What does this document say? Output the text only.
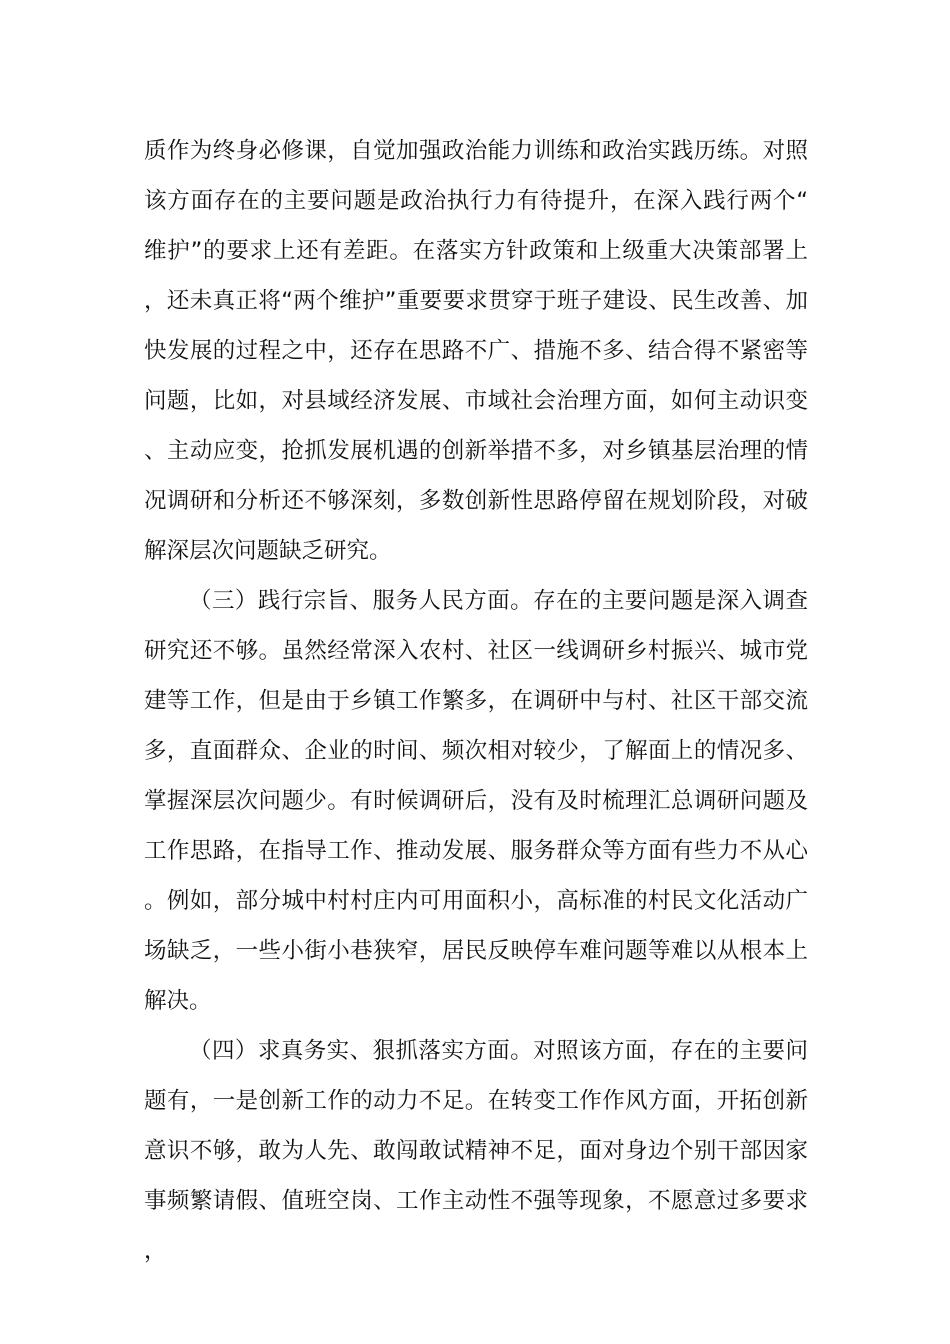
质作为终身必修课，自觉加强政治能力训练和政治实践历练。对照该方面存在的主要问题是政治执行力有待提升，在深入践行两个“维护”的要求上还有差距。在落实方针政策和上级重大决策部署上，还未真正将“两个维护”重要要求贯穿于班子建设、民生改善、加快发展的过程之中，还存在思路不广、措施不多、结合得不紧密等问题，比如，对县域经济发展、市域社会治理方面，如何主动识变、主动应变，抢抓发展机遇的创新举措不多，对乡镇基层治理的情况调研和分析还不够深刻，多数创新性思路停留在规划阶段，对破解深层次问题缺乏研究。

（三）践行宗旨、服务人民方面。存在的主要问题是深入调查研究还不够。虽然经常深入农村、社区一线调研乡村振兴、城市党建等工作，但是由于乡镇工作繁多，在调研中与村、社区干部交流多，直面群众、企业的时间、频次相对较少，了解面上的情况多、掌握深层次问题少。有时候调研后，没有及时梳理汇总调研问题及工作思路，在指导工作、推动发展、服务群众等方面有些力不从心。例如，部分城中村村庄内可用面积小，高标准的村民文化活动广场缺乏，一些小街小巷狭窄，居民反映停车难问题等难以从根本上解决。

（四）求真务实、狠抓落实方面。对照该方面，存在的主要问题有，一是创新工作的动力不足。在转变工作作风方面，开拓创新意识不够，敢为人先、敢闯敢试精神不足，面对身边个别干部因家事频繁请假、值班空岗、工作主动性不强等现象，不愿意过多要求，
